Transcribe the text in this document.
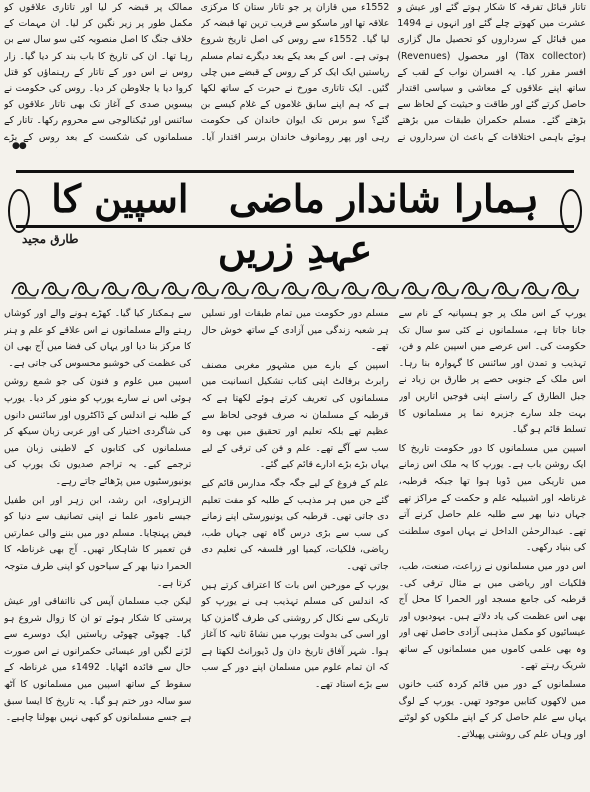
تاتار قبائل تفرقہ کا شکار ہوتے گئے اور عیش و عشرت میں کھوتے چلے گئے اور انہوں نے 1494 میں قبائل کے سرداروں کو تحصیل مال گزاری (Tax collector) اور محصول (Revenues) افسر مقرر کیا۔ یہ افسران نواب کے لقب کے ساتھ اپنے علاقوں کے معاشی و سیاسی اقتدار حاصل کرتے گئے اور طاقت و حیثیت کے لحاظ سے بڑھتے گئے۔ مسلم حکمران طبقات میں بڑھتے ہوئے باہمی اختلافات کے باعث ان سرداروں نے
1552ء میں قازان پر جو تاتار ستان کا مرکزی علاقہ تھا اور ماسکو سے قریب ترین تھا قبضہ کر لیا گیا۔ 1552ء سے روس کی اصل تاریخ شروع ہوتی ہے۔ اس کے بعد یکے بعد دیگرے تمام مسلم ریاستیں ایک ایک کر کے روس کے قبضے میں چلی گئیں۔ ایک تاتاری مورخ نے حیرت کے ساتھ لکھا ہے کہ ہم اپنے سابق غلاموں کے غلام کیسے بن گئے؟ سو برس تک ایوان خاندان کی حکومت رہی اور پھر رومانوف خاندان برسر اقتدار آیا۔
ممالک پر قبضہ کر لیا اور تاتاری علاقوں کو مکمل طور پر زیر نگین کر لیا۔ ان مہمات کے خلاف جنگ کا اصل منصوبہ کئی سو سال سے بن رہا تھا۔ ان کی تاریخ کا باب بند کر دیا گیا۔ زار روس نے اس دور کے تاتار کے رہنماؤں کو قتل کروا دیا یا جلاوطن کر دیا۔ روس کی حکومت نے بیسویں صدی کے آغاز تک بھی تاتار علاقوں کو سائنس اور ٹیکنالوجی سے محروم رکھا۔ تاتار کے مسلمانوں کی شکست کے بعد روس کے بڑے
●●
ہمارا شاندار ماضی  اسپین کا عہدِ زریں
طارق مجید

یورپ کے اس ملک پر جو ہسپانیہ کے نام سے جانا جاتا ہے، مسلمانوں نے کئی سو سال تک حکومت کی۔ اس عرصے میں اسپین علم و فن، تہذیب و تمدن اور سائنس کا گہوارہ بنا رہا۔ اس ملک کے جنوبی حصے پر طارق بن زیاد نے جبل الطارق کے راستے اپنی فوجیں اتاریں اور بہت جلد سارے جزیرہ نما پر مسلمانوں کا تسلط قائم ہو گیا۔

اسپین میں مسلمانوں کا دور حکومت تاریخ کا ایک روشن باب ہے۔ یورپ کا یہ ملک اس زمانے میں تاریکی میں ڈوبا ہوا تھا جبکہ قرطبہ، غرناطہ اور اشبیلیہ علم و حکمت کے مراکز تھے جہاں دنیا بھر سے طلبہ علم حاصل کرنے آتے تھے۔ عبدالرحمٰن الداخل نے یہاں اموی سلطنت کی بنیاد رکھی۔

اس دور میں مسلمانوں نے زراعت، صنعت، طب، فلکیات اور ریاضی میں بے مثال ترقی کی۔ قرطبہ کی جامع مسجد اور الحمرا کا محل آج بھی اس عظمت کی یاد دلاتے ہیں۔ یہودیوں اور عیسائیوں کو مکمل مذہبی آزادی حاصل تھی اور وہ بھی علمی کاموں میں مسلمانوں کے ساتھ شریک رہتے تھے۔

مسلمانوں کے دور میں قائم کردہ کتب خانوں میں لاکھوں کتابیں موجود تھیں۔ یورپ کے لوگ یہاں سے علم حاصل کر کے اپنے ملکوں کو لوٹتے اور وہاں علم کی روشنی پھیلاتے۔

مسلم دور حکومت میں تمام طبقات اور نسلیں ہر شعبہ زندگی میں آزادی کے ساتھ خوش حال تھے۔

اسپین کے بارے میں مشہور مغربی مصنف رابرٹ برفالٹ اپنی کتاب تشکیل انسانیت میں مسلمانوں کی تعریف کرتے ہوئے لکھتا ہے کہ قرطبہ کے مسلمان نہ صرف فوجی لحاظ سے عظیم تھے بلکہ تعلیم اور تحقیق میں بھی وہ سب سے آگے تھے۔ علم و فن کی ترقی کے لیے یہاں بڑے بڑے ادارے قائم کیے گئے۔

علم کے فروغ کے لیے جگہ جگہ مدارس قائم کیے گئے جن میں ہر مذہب کے طلبہ کو مفت تعلیم دی جاتی تھی۔ قرطبہ کی یونیورسٹی اپنے زمانے کی سب سے بڑی درس گاہ تھی جہاں طب، ریاضی، فلکیات، کیمیا اور فلسفہ کی تعلیم دی جاتی تھی۔

یورپ کے مورخین اس بات کا اعتراف کرتے ہیں کہ اندلس کی مسلم تہذیب ہی نے یورپ کو تاریکی سے نکال کر روشنی کی طرف گامزن کیا اور اسی کی بدولت یورپ میں نشاۃ ثانیہ کا آغاز ہوا۔ شہر آفاق تاریخ دان ول ڈیورانٹ لکھتا ہے کہ ان تمام علوم میں مسلمان اپنے دور کے سب سے بڑے استاد تھے۔

سے ہمکنار کیا گیا۔ کھڑے ہونے والے اور کوشاں رہنے والے مسلمانوں نے اس علاقے کو علم و ہنر کا مرکز بنا دیا اور یہاں کی فضا میں آج بھی ان کی عظمت کی خوشبو محسوس کی جاتی ہے۔

اسپین میں علوم و فنون کی جو شمع روشن ہوئی اس نے سارے یورپ کو منور کر دیا۔ یورپ کے طلبہ نے اندلس کے ڈاکٹروں اور سائنس دانوں کی شاگردی اختیار کی اور عربی زبان سیکھ کر مسلمانوں کی کتابوں کے لاطینی زبان میں ترجمے کیے۔ یہ تراجم صدیوں تک یورپ کی یونیورسٹیوں میں پڑھائے جاتے رہے۔

الزہراوی، ابن رشد، ابن زہر اور ابن طفیل جیسے نامور علما نے اپنی تصانیف سے دنیا کو فیض پہنچایا۔ مسلم دور میں بننے والی عمارتیں فن تعمیر کا شاہکار تھیں۔ آج بھی غرناطہ کا الحمرا دنیا بھر کے سیاحوں کو اپنی طرف متوجہ کرتا ہے۔

لیکن جب مسلمان آپس کی نااتفاقی اور عیش پرستی کا شکار ہوئے تو ان کا زوال شروع ہو گیا۔ چھوٹی چھوٹی ریاستیں ایک دوسرے سے لڑنے لگیں اور عیسائی حکمرانوں نے اس صورت حال سے فائدہ اٹھایا۔ 1492ء میں غرناطہ کے سقوط کے ساتھ اسپین میں مسلمانوں کا آٹھ سو سالہ دور ختم ہو گیا۔ یہ تاریخ کا ایسا سبق ہے جسے مسلمانوں کو کبھی نہیں بھولنا چاہیے۔
